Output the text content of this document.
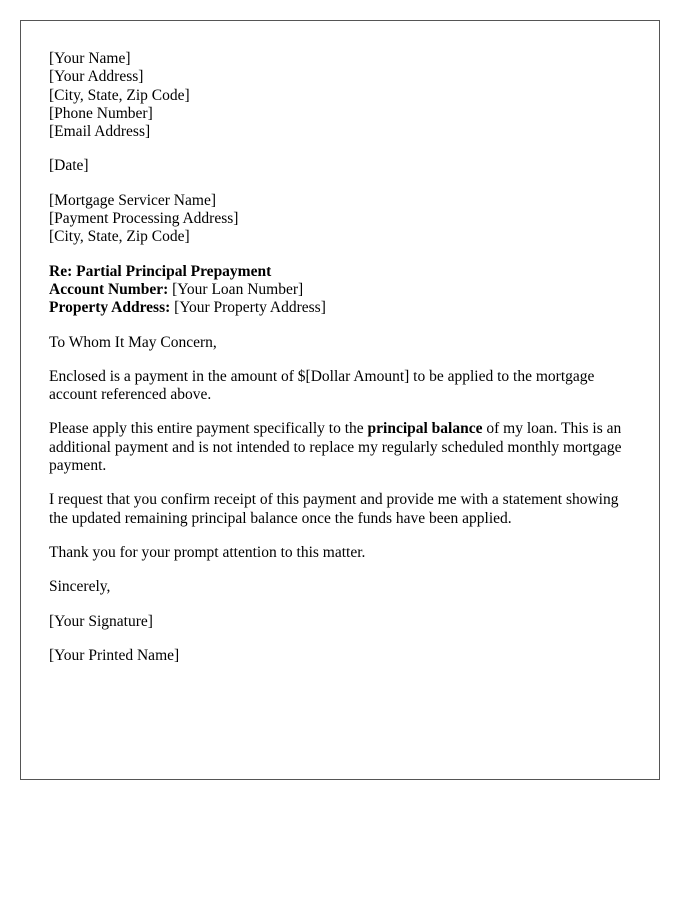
[Your Name]
[Your Address]
[City, State, Zip Code]
[Phone Number]
[Email Address]
[Date]
[Mortgage Servicer Name]
[Payment Processing Address]
[City, State, Zip Code]
Re: Partial Principal Prepayment
Account Number: [Your Loan Number]
Property Address: [Your Property Address]

To Whom It May Concern,

Enclosed is a payment in the amount of $[Dollar Amount] to be applied to the mortgage account referenced above.

Please apply this entire payment specifically to the principal balance of my loan. This is an additional payment and is not intended to replace my regularly scheduled monthly mortgage payment.

I request that you confirm receipt of this payment and provide me with a statement showing the updated remaining principal balance once the funds have been applied.

Thank you for your prompt attention to this matter.

Sincerely,

[Your Signature]

[Your Printed Name]
